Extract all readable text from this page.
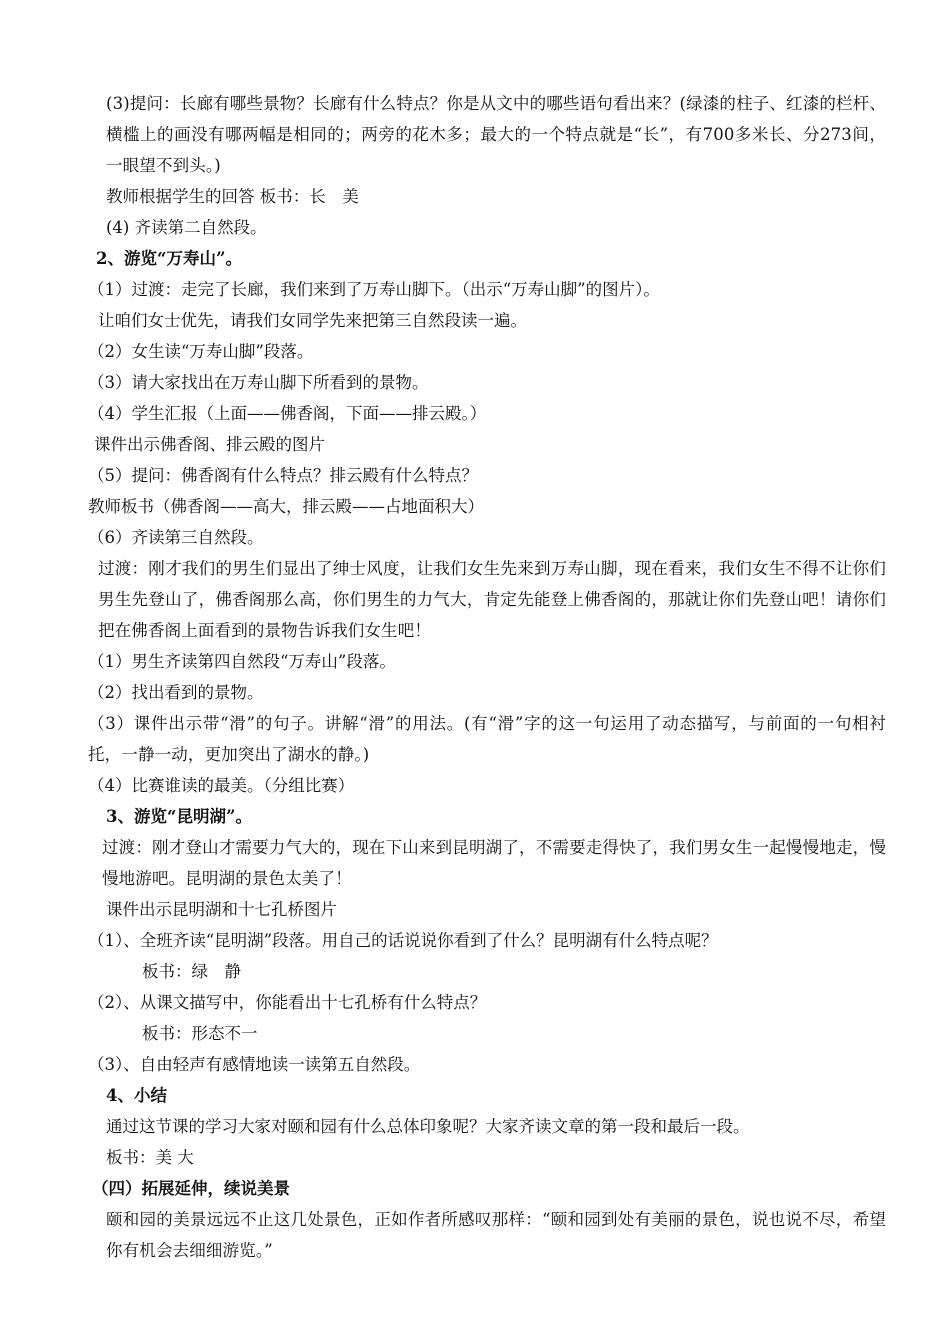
(3)提问：长廊有哪些景物？长廊有什么特点？你是从文中的哪些语句看出来？(绿漆的柱子、红漆的栏杆、横槛上的画没有哪两幅是相同的；两旁的花木多；最大的一个特点就是“长”，有700多米长、分273间，一眼望不到头。)

教师根据学生的回答 板书：长　美

(4) 齐读第二自然段。

2、游览“万寿山”。

（1）过渡：走完了长廊，我们来到了万寿山脚下。（出示“万寿山脚”的图片）。

让咱们女士优先，请我们女同学先来把第三自然段读一遍。

（2）女生读“万寿山脚”段落。

（3）请大家找出在万寿山脚下所看到的景物。

（4）学生汇报（上面——佛香阁，下面——排云殿。）

课件出示佛香阁、排云殿的图片

（5）提问：佛香阁有什么特点？排云殿有什么特点？

教师板书（佛香阁——高大，排云殿——占地面积大）

（6）齐读第三自然段。

过渡：刚才我们的男生们显出了绅士风度，让我们女生先来到万寿山脚，现在看来，我们女生不得不让你们男生先登山了，佛香阁那么高，你们男生的力气大，肯定先能登上佛香阁的，那就让你们先登山吧！请你们把在佛香阁上面看到的景物告诉我们女生吧！

（1）男生齐读第四自然段“万寿山”段落。

（2）找出看到的景物。

（3）课件出示带“滑”的句子。讲解“滑”的用法。(有“滑”字的这一句运用了动态描写，与前面的一句相衬托，一静一动，更加突出了湖水的静。)

（4）比赛谁读的最美。（分组比赛）

3、游览“昆明湖”。

过渡：刚才登山才需要力气大的，现在下山来到昆明湖了，不需要走得快了，我们男女生一起慢慢地走，慢慢地游吧。昆明湖的景色太美了！

课件出示昆明湖和十七孔桥图片

（1）、全班齐读“昆明湖”段落。用自己的话说说你看到了什么？昆明湖有什么特点呢？

板书：绿　静

（2）、从课文描写中，你能看出十七孔桥有什么特点？

板书：形态不一

（3）、自由轻声有感情地读一读第五自然段。

4、小结

通过这节课的学习大家对颐和园有什么总体印象呢？大家齐读文章的第一段和最后一段。

板书：美 大

（四）拓展延伸，续说美景

颐和园的美景远远不止这几处景色，正如作者所感叹那样：“颐和园到处有美丽的景色，说也说不尽，希望你有机会去细细游览。”
